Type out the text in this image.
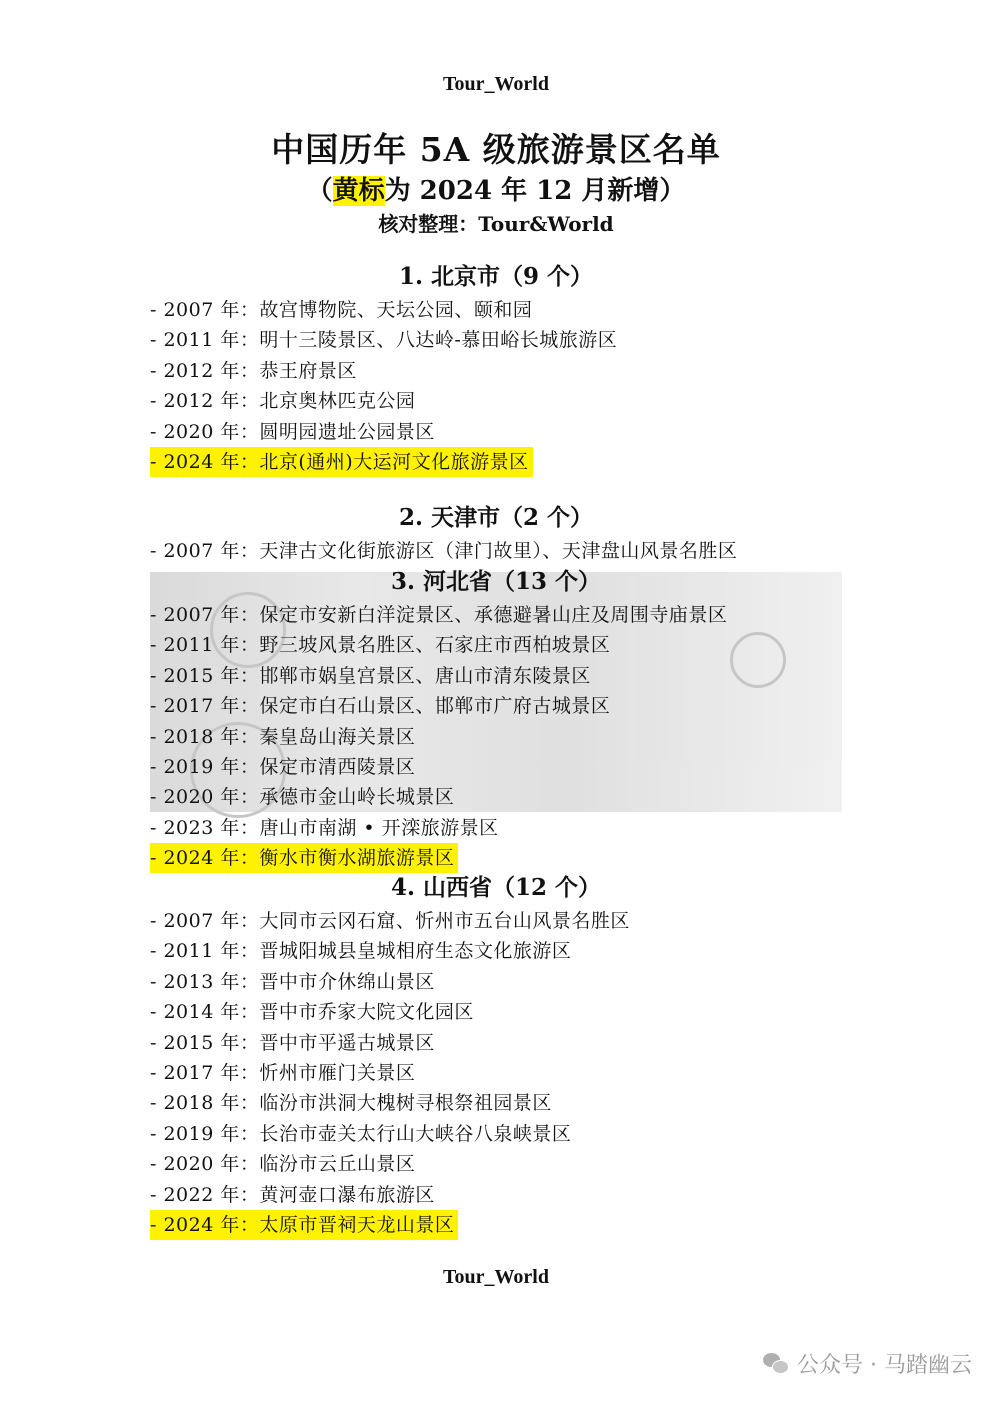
Tour_World
中国历年 5A 级旅游景区名单
（黄标为 2024 年 12 月新增）
核对整理：Tour&World
1. 北京市（9 个）
- 2007 年：故宫博物院、天坛公园、颐和园
- 2011 年：明十三陵景区、八达岭-慕田峪长城旅游区
- 2012 年：恭王府景区
- 2012 年：北京奥林匹克公园
- 2020 年：圆明园遗址公园景区
- 2024 年：北京(通州)大运河文化旅游景区
2. 天津市（2 个）
- 2007 年：天津古文化街旅游区（津门故里）、天津盘山风景名胜区
3. 河北省（13 个）
- 2007 年：保定市安新白洋淀景区、承德避暑山庄及周围寺庙景区
- 2011 年：野三坡风景名胜区、石家庄市西柏坡景区
- 2015 年：邯郸市娲皇宫景区、唐山市清东陵景区
- 2017 年：保定市白石山景区、邯郸市广府古城景区
- 2018 年：秦皇岛山海关景区
- 2019 年：保定市清西陵景区
- 2020 年：承德市金山岭长城景区
- 2023 年：唐山市南湖 • 开滦旅游景区
- 2024 年：衡水市衡水湖旅游景区
4. 山西省（12 个）
- 2007 年：大同市云冈石窟、忻州市五台山风景名胜区
- 2011 年：晋城阳城县皇城相府生态文化旅游区
- 2013 年：晋中市介休绵山景区
- 2014 年：晋中市乔家大院文化园区
- 2015 年：晋中市平遥古城景区
- 2017 年：忻州市雁门关景区
- 2018 年：临汾市洪洞大槐树寻根祭祖园景区
- 2019 年：长治市壶关太行山大峡谷八泉峡景区
- 2020 年：临汾市云丘山景区
- 2022 年：黄河壶口瀑布旅游区
- 2024 年：太原市晋祠天龙山景区
Tour_World
公众号 · 马踏幽云
